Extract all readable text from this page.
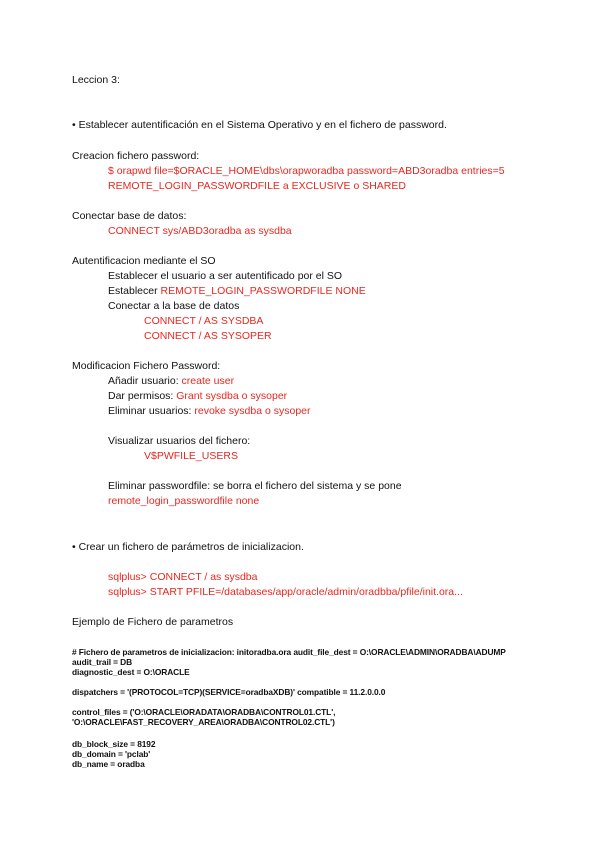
Leccion 3:
• Establecer autentificación en el Sistema Operativo y en el fichero de password.
Creacion fichero password:
$ orapwd file=$ORACLE_HOME\dbs\orapworadba password=ABD3oradba entries=5
REMOTE_LOGIN_PASSWORDFILE a EXCLUSIVE o SHARED
Conectar base de datos:
CONNECT sys/ABD3oradba as sysdba
Autentificacion mediante el SO
Establecer el usuario a ser autentificado por el SO
Establecer REMOTE_LOGIN_PASSWORDFILE NONE
Conectar a la base de datos
CONNECT / AS SYSDBA
CONNECT / AS SYSOPER
Modificacion Fichero Password:
Añadir usuario: create user
Dar permisos: Grant sysdba o sysoper
Eliminar usuarios: revoke sysdba o sysoper
Visualizar usuarios del fichero:
V$PWFILE_USERS
Eliminar passwordfile: se borra el fichero del sistema y se pone
remote_login_passwordfile none
• Crear un fichero de parámetros de inicializacion.
sqlplus> CONNECT / as sysdba
sqlplus> START PFILE=/databases/app/oracle/admin/oradbba/pfile/init.ora...
Ejemplo de Fichero de parametros
# Fichero de parametros de inicializacion: initoradba.ora audit_file_dest = O:\ORACLE\ADMIN\ORADBA\ADUMP
audit_trail = DB
diagnostic_dest = O:\ORACLE
dispatchers = '(PROTOCOL=TCP)(SERVICE=oradbaXDB)' compatible = 11.2.0.0.0
control_files = ('O:\ORACLE\ORADATA\ORADBA\CONTROL01.CTL',
'O:\ORACLE\FAST_RECOVERY_AREA\ORADBA\CONTROL02.CTL')
db_block_size = 8192
db_domain = 'pclab'
db_name = oradba
